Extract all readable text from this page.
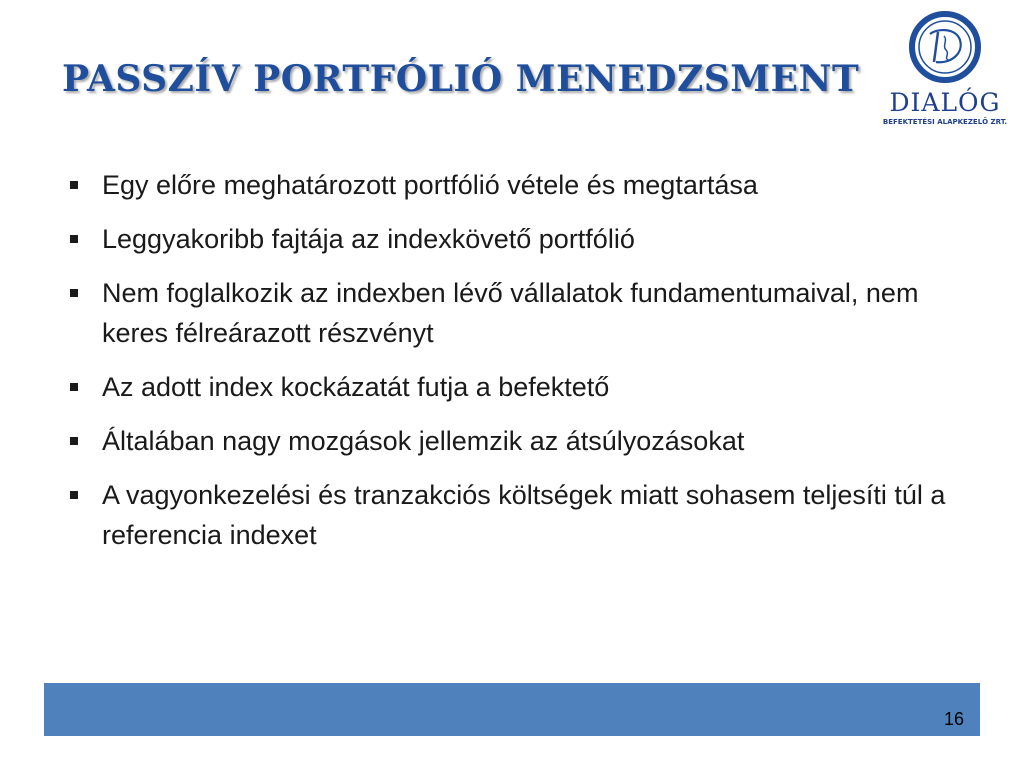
PASSZÍV PORTFÓLIÓ MENEDZSMENT
DIALÓG
BEFEKTETÉSI ALAPKEZELŐ ZRT.
Egy előre meghatározott portfólió vétele és megtartása
Leggyakoribb fajtája az indexkövető portfólió
Nem foglalkozik az indexben lévő vállalatok fundamentumaival, nem keres félreárazott részvényt
Az adott index kockázatát futja a befektető
Általában nagy mozgások jellemzik az átsúlyozásokat
A vagyonkezelési és tranzakciós költségek miatt sohasem teljesíti túl a referencia indexet
16
